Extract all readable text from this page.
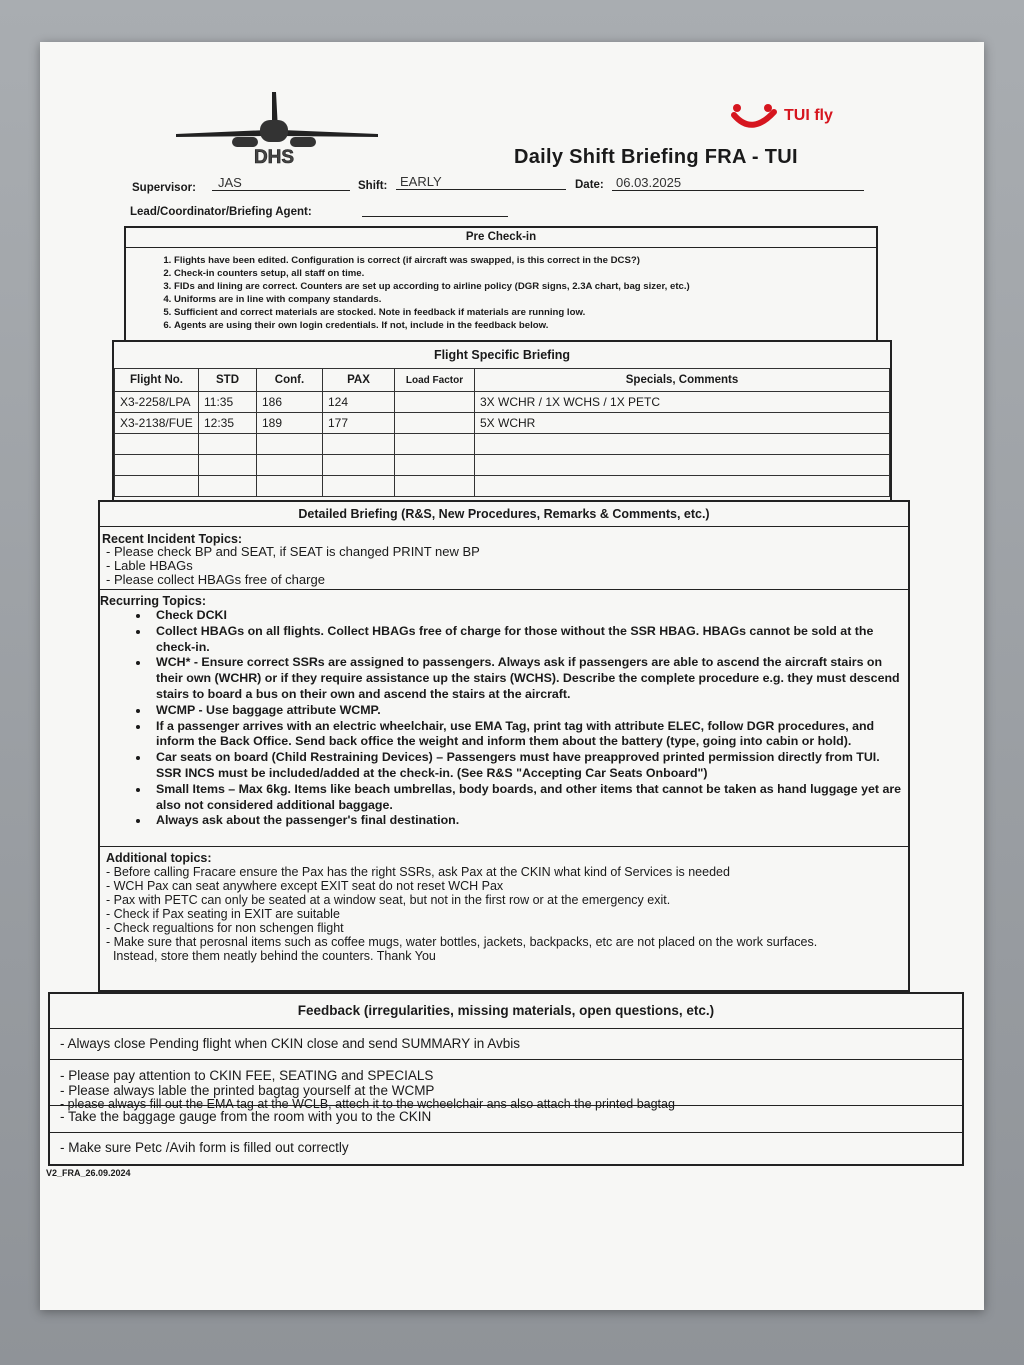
DHS
TUI fly
Daily Shift Briefing FRA - TUI
Supervisor:	JAS	Shift: EARLY	Date: 06.03.2025
Lead/Coordinator/Briefing Agent:
Pre Check-in
1. Flights have been edited. Configuration is correct (if aircraft was swapped, is this correct in the DCS?)
2. Check-in counters setup, all staff on time.
3. FIDs and lining are correct. Counters are set up according to airline policy (DGR signs, 2.3A chart, bag sizer, etc.)
4. Uniforms are in line with company standards.
5. Sufficient and correct materials are stocked. Note in feedback if materials are running low.
6. Agents are using their own login credentials. If not, include in the feedback below.
Flight Specific Briefing
Flight No.	STD	Conf.	PAX	Load Factor	Specials, Comments
X3-2258/LPA	11:35	186	124		3X WCHR / 1X WCHS / 1X PETC
X3-2138/FUE	12:35	189	177		5X WCHR

Detailed Briefing (R&S, New Procedures, Remarks & Comments, etc.)
Recent Incident Topics:
- Please check BP and SEAT, if SEAT is changed PRINT new BP
- Lable HBAGs
- Please collect HBAGs free of charge
Recurring Topics:
• Check DCKI
• Collect HBAGs on all flights. Collect HBAGs free of charge for those without the SSR HBAG. HBAGs cannot be sold at the check-in.
• WCH* - Ensure correct SSRs are assigned to passengers. Always ask if passengers are able to ascend the aircraft stairs on their own (WCHR) or if they require assistance up the stairs (WCHS). Describe the complete procedure e.g. they must descend stairs to board a bus on their own and ascend the stairs at the aircraft.
• WCMP - Use baggage attribute WCMP.
• If a passenger arrives with an electric wheelchair, use EMA Tag, print tag with attribute ELEC, follow DGR procedures, and inform the Back Office. Send back office the weight and inform them about the battery (type, going into cabin or hold).
• Car seats on board (Child Restraining Devices) – Passengers must have preapproved printed permission directly from TUI. SSR INCS must be included/added at the check-in. (See R&S "Accepting Car Seats Onboard")
• Small Items – Max 6kg. Items like beach umbrellas, body boards, and other items that cannot be taken as hand luggage yet are also not considered additional baggage.
• Always ask about the passenger's final destination.
Additional topics:
- Before calling Fracare ensure the Pax has the right SSRs, ask Pax at the CKIN what kind of Services is needed
- WCH Pax can seat anywhere except EXIT seat do not reset WCH Pax
- Pax with PETC can only be seated at a window seat, but not in the first row or at the emergency exit.
- Check if Pax seating in EXIT are suitable
- Check regualtions for non schengen flight
- Make sure that perosnal items such as coffee mugs, water bottles, jackets, backpacks, etc are not placed on the work surfaces.
Instead, store them neatly behind the counters. Thank You
Feedback (irregularities, missing materials, open questions, etc.)
- Always close Pending flight when CKIN close and send SUMMARY in Avbis
- Please pay attention to CKIN FEE, SEATING and SPECIALS
- Please always lable the printed bagtag yourself at the WCMP
- please always fill out the EMA tag at the WCLB, attech it to the wcheelchair ans also attach the printed bagtag
- Take the baggage gauge from the room with you to the CKIN
- Make sure Petc /Avih form is filled out correctly
V2_FRA_26.09.2024
